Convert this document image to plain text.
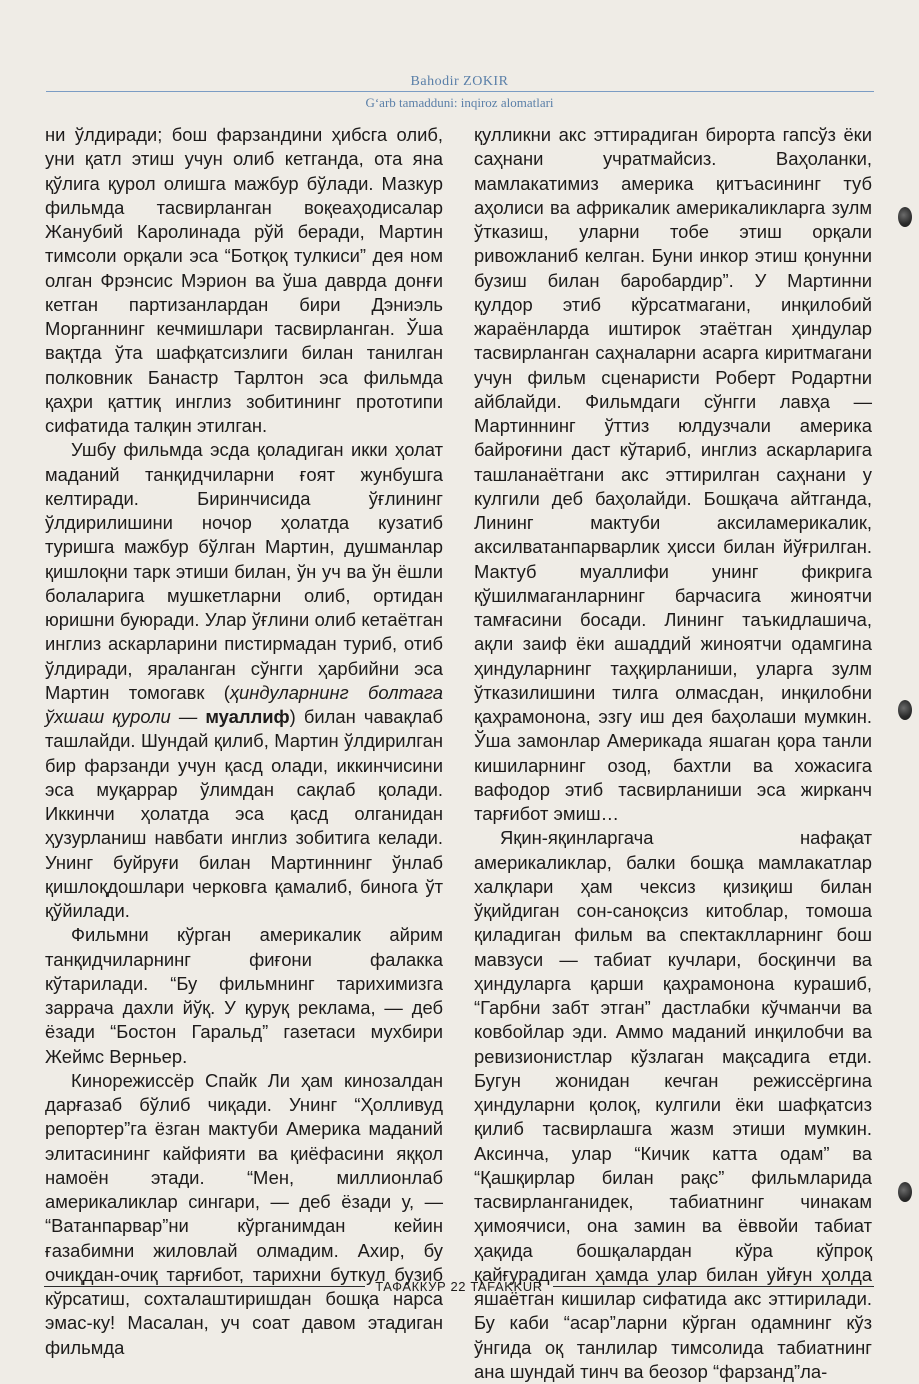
Bahodir ZOKIR
G‘arb tamadduni: inqiroz alomatlari

ни ўлдиради; бош фарзандини ҳибсга олиб, уни қатл этиш учун олиб кетганда, ота яна қўлига қурол олишга мажбур бўлади. Мазкур фильмда тасвирланган воқеаҳодисалар Жанубий Каролинада рўй беради, Мартин тимсоли орқали эса “Ботқоқ тулкиси” дея ном олган Фрэнсис Мэрион ва ўша даврда донғи кетган партизанлардан бири Дэниэль Морганнинг кечмишлари тасвирланган. Ўша вақтда ўта шафқатсизлиги билан танилган полковник Банастр Тарлтон эса фильмда қаҳри қаттиқ инглиз зобитининг прототипи сифатида талқин этилган.

Ушбу фильмда эсда қоладиган икки ҳолат маданий танқидчиларни ғоят жунбушга келтиради. Биринчисида ўғлининг ўлдирилишини ночор ҳолатда кузатиб туришга мажбур бўлган Мартин, душманлар қишлоқни тарк этиши билан, ўн уч ва ўн ёшли болаларига мушкетларни олиб, ортидан юришни буюради. Улар ўғлини олиб кетаётган инглиз аскарларини пистирмадан туриб, отиб ўлдиради, яраланган сўнгги ҳарбийни эса Мартин томогавк (ҳиндуларнинг болтага ўхшаш қуроли — муаллиф) билан чавақлаб ташлайди. Шундай қилиб, Мартин ўлдирилган бир фарзанди учун қасд олади, иккинчисини эса муқаррар ўлимдан сақлаб қолади. Иккинчи ҳолатда эса қасд олганидан ҳузурланиш навбати инглиз зобитига келади. Унинг буйруғи билан Мартиннинг ўнлаб қишлоқдошлари черковга қамалиб, бинога ўт қўйилади.

Фильмни кўрган америкалик айрим танқидчиларнинг фиғони фалакка кўтарилади. “Бу фильмнинг тарихимизга заррача дахли йўқ. У қуруқ реклама, — деб ёзади “Бостон Гаральд” газетаси мухбири Жеймс Верньер.

Кинорежиссёр Спайк Ли ҳам кинозалдан дарғазаб бўлиб чиқади. Унинг “Ҳолливуд репортер”га ёзган мактуби Америка маданий элитасининг кайфияти ва қиёфасини яққол намоён этади. “Мен, миллионлаб америкаликлар сингари, — деб ёзади у, — “Ватанпарвар”ни кўрганимдан кейин ғазабимни жиловлай олмадим. Ахир, бу очиқдан-очиқ тарғибот, тарихни буткул бузиб кўрсатиш, сохталаштиришдан бошқа нарса эмас-ку! Масалан, уч соат давом этадиган фильмда

қулликни акс эттирадиган бирорта гапсўз ёки саҳнани учратмайсиз. Ваҳоланки, мамлакатимиз америка қитъасининг туб аҳолиси ва африкалик америкаликларга зулм ўтказиш, уларни тобе этиш орқали ривожланиб келган. Буни инкор этиш қонунни бузиш билан баробардир”. У Мартинни қулдор этиб кўрсатмагани, инқилобий жараёнларда иштирок этаётган ҳиндулар тасвирланган саҳналарни асарга киритмагани учун фильм сценаристи Роберт Родартни айблайди. Фильмдаги сўнгги лавҳа — Мартиннинг ўттиз юлдузчали америка байроғини даст кўтариб, инглиз аскарларига ташланаётгани акс эттирилган саҳнани у кулгили деб баҳолайди. Бошқача айтганда, Лининг мактуби аксиламерикалик, аксилватанпарварлик ҳисси билан йўғрилган. Мактуб муаллифи унинг фикрига қўшилмаганларнинг барчасига жиноятчи тамғасини босади. Лининг таъкидлашича, ақли заиф ёки ашаддий жиноятчи одамгина ҳиндуларнинг таҳқирланиши, уларга зулм ўтказилишини тилга олмасдан, инқилобни қаҳрамонона, эзгу иш дея баҳолаши мумкин. Ўша замонлар Америкада яшаган қора танли кишиларнинг озод, бахтли ва хожасига вафодор этиб тасвирланиши эса жирканч тарғибот эмиш…

Яқин-яқинларгача нафақат америкаликлар, балки бошқа мамлакатлар халқлари ҳам чексиз қизиқиш билан ўқийдиган сон-саноқсиз китоблар, томоша қиладиган фильм ва спектаклларнинг бош мавзуси — табиат кучлари, босқинчи ва ҳиндуларга қарши қаҳрамонона курашиб, “Гарбни забт этган” дастлабки кўчманчи ва ковбойлар эди. Аммо маданий инқилобчи ва ревизионистлар кўзлаган мақсадига етди. Бугун жонидан кечган режиссёргина ҳиндуларни қолоқ, кулгили ёки шафқатсиз қилиб тасвирлашга жазм этиши мумкин. Аксинча, улар “Кичик катта одам” ва “Қашқирлар билан рақс” фильмларида тасвирланганидек, табиатнинг чинакам ҳимоячиси, она замин ва ёввойи табиат ҳақида бошқалардан кўра кўпроқ қайғурадиган ҳамда улар билан уйғун ҳолда яшаётган кишилар сифатида акс эттирилади. Бу каби “асар”ларни кўрган одамнинг кўз ўнгида оқ танлилар тимсолида табиатнинг ана шундай тинч ва беозор “фарзанд”ла-

ТАФАККУР 22 TAFAKKUR
